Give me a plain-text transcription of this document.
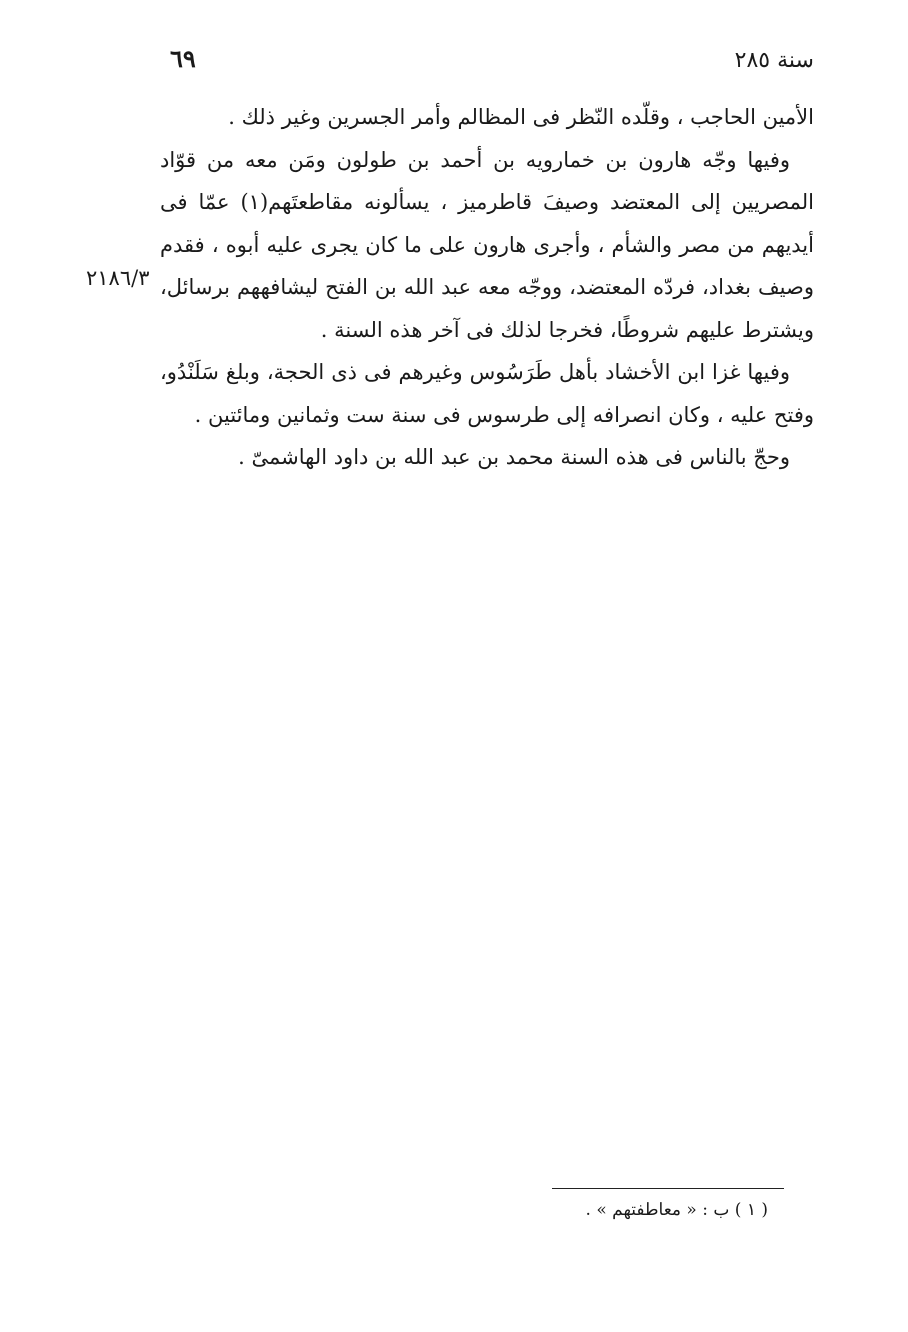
٦٩	سنة ٢٨٥
٢١٨٦/٣

الأمين الحاجب ، وقلّده النّظر فى المظالم وأمر الجسرين وغير ذلك .

وفيها وجّه هارون بن خمارويه بن أحمد بن طولون ومَن معه من قوّاد المصريين إلى المعتضد وصيفَ قاطرميز ، يسألونه مقاطعتَهم(١) عمّا فى أيديهم من مصر والشأم ، وأجرى هارون على ما كان يجرى عليه أبوه ، فقدم وصيف بغداد، فردّه المعتضد، ووجّه معه عبد الله بن الفتح ليشافههم برسائل، ويشترط عليهم شروطًا، فخرجا لذلك فى آخر هذه السنة .

وفيها غزا ابن الأخشاد بأهل طَرَسُوس وغيرهم فى ذى الحجة، وبلغ سَلَنْدُو، وفتح عليه ، وكان انصرافه إلى طرسوس فى سنة ست وثمانين ومائتين .

وحجّ بالناس فى هذه السنة محمد بن عبد الله بن داود الهاشمىّ .

( ١ ) ب : « معاطفتهم » .
